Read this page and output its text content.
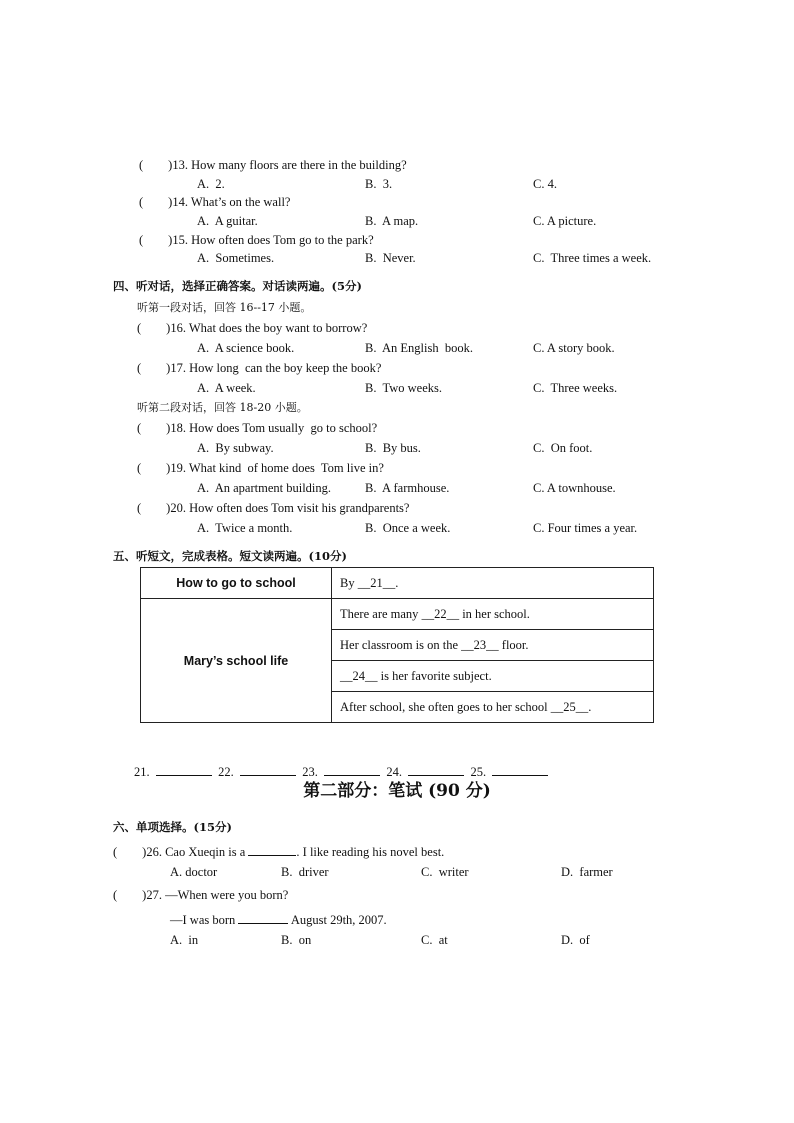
(        )13. How many floors are there in the building?
A.  2.	B.  3.	C. 4.
(        )14. What’s on the wall?
A.  A guitar.	B.  A map.	C. A picture.
(        )15. How often does Tom go to the park?
A.  Sometimes.	B.  Never.	C.  Three times a week.
四、听对话，选择正确答案。对话读两遍。(5分)
听第一段对话，回答 16--17 小题。
(        )16. What does the boy want to borrow?
A.  A science book.	B.  An English  book.	C. A story book.
(        )17. How long  can the boy keep the book?
A.  A week.	B.  Two weeks.	C.  Three weeks.
听第二段对话，回答 18-20 小题。
(        )18. How does Tom usually  go to school?
A.  By subway.	B.  By bus.	C.  On foot.
(        )19. What kind  of home does  Tom live in?
A.  An apartment building.	B.  A farmhouse.	C. A townhouse.
(        )20. How often does Tom visit his grandparents?
A.  Twice a month.	B.  Once a week.	C. Four times a year.
五、听短文，完成表格。短文读两遍。(10分)
How to go to school	By __21__.
Mary’s school life	There are many __22__ in her school.
	Her classroom is on the __23__ floor.
	__24__ is her favorite subject.
	After school, she often goes to her school __25__.

21.	22.	23.	24.	25.

第二部分：笔试 (90 分)
六、单项选择。(15分)
(        )26. Cao Xueqin is a	. I like reading his novel best.
A. doctor	B.  driver	C.  writer	D.  farmer
(        )27. —When were you born?
—I was born	August 29th, 2007.
A.  in	B.  on	C.  at	D.  of
